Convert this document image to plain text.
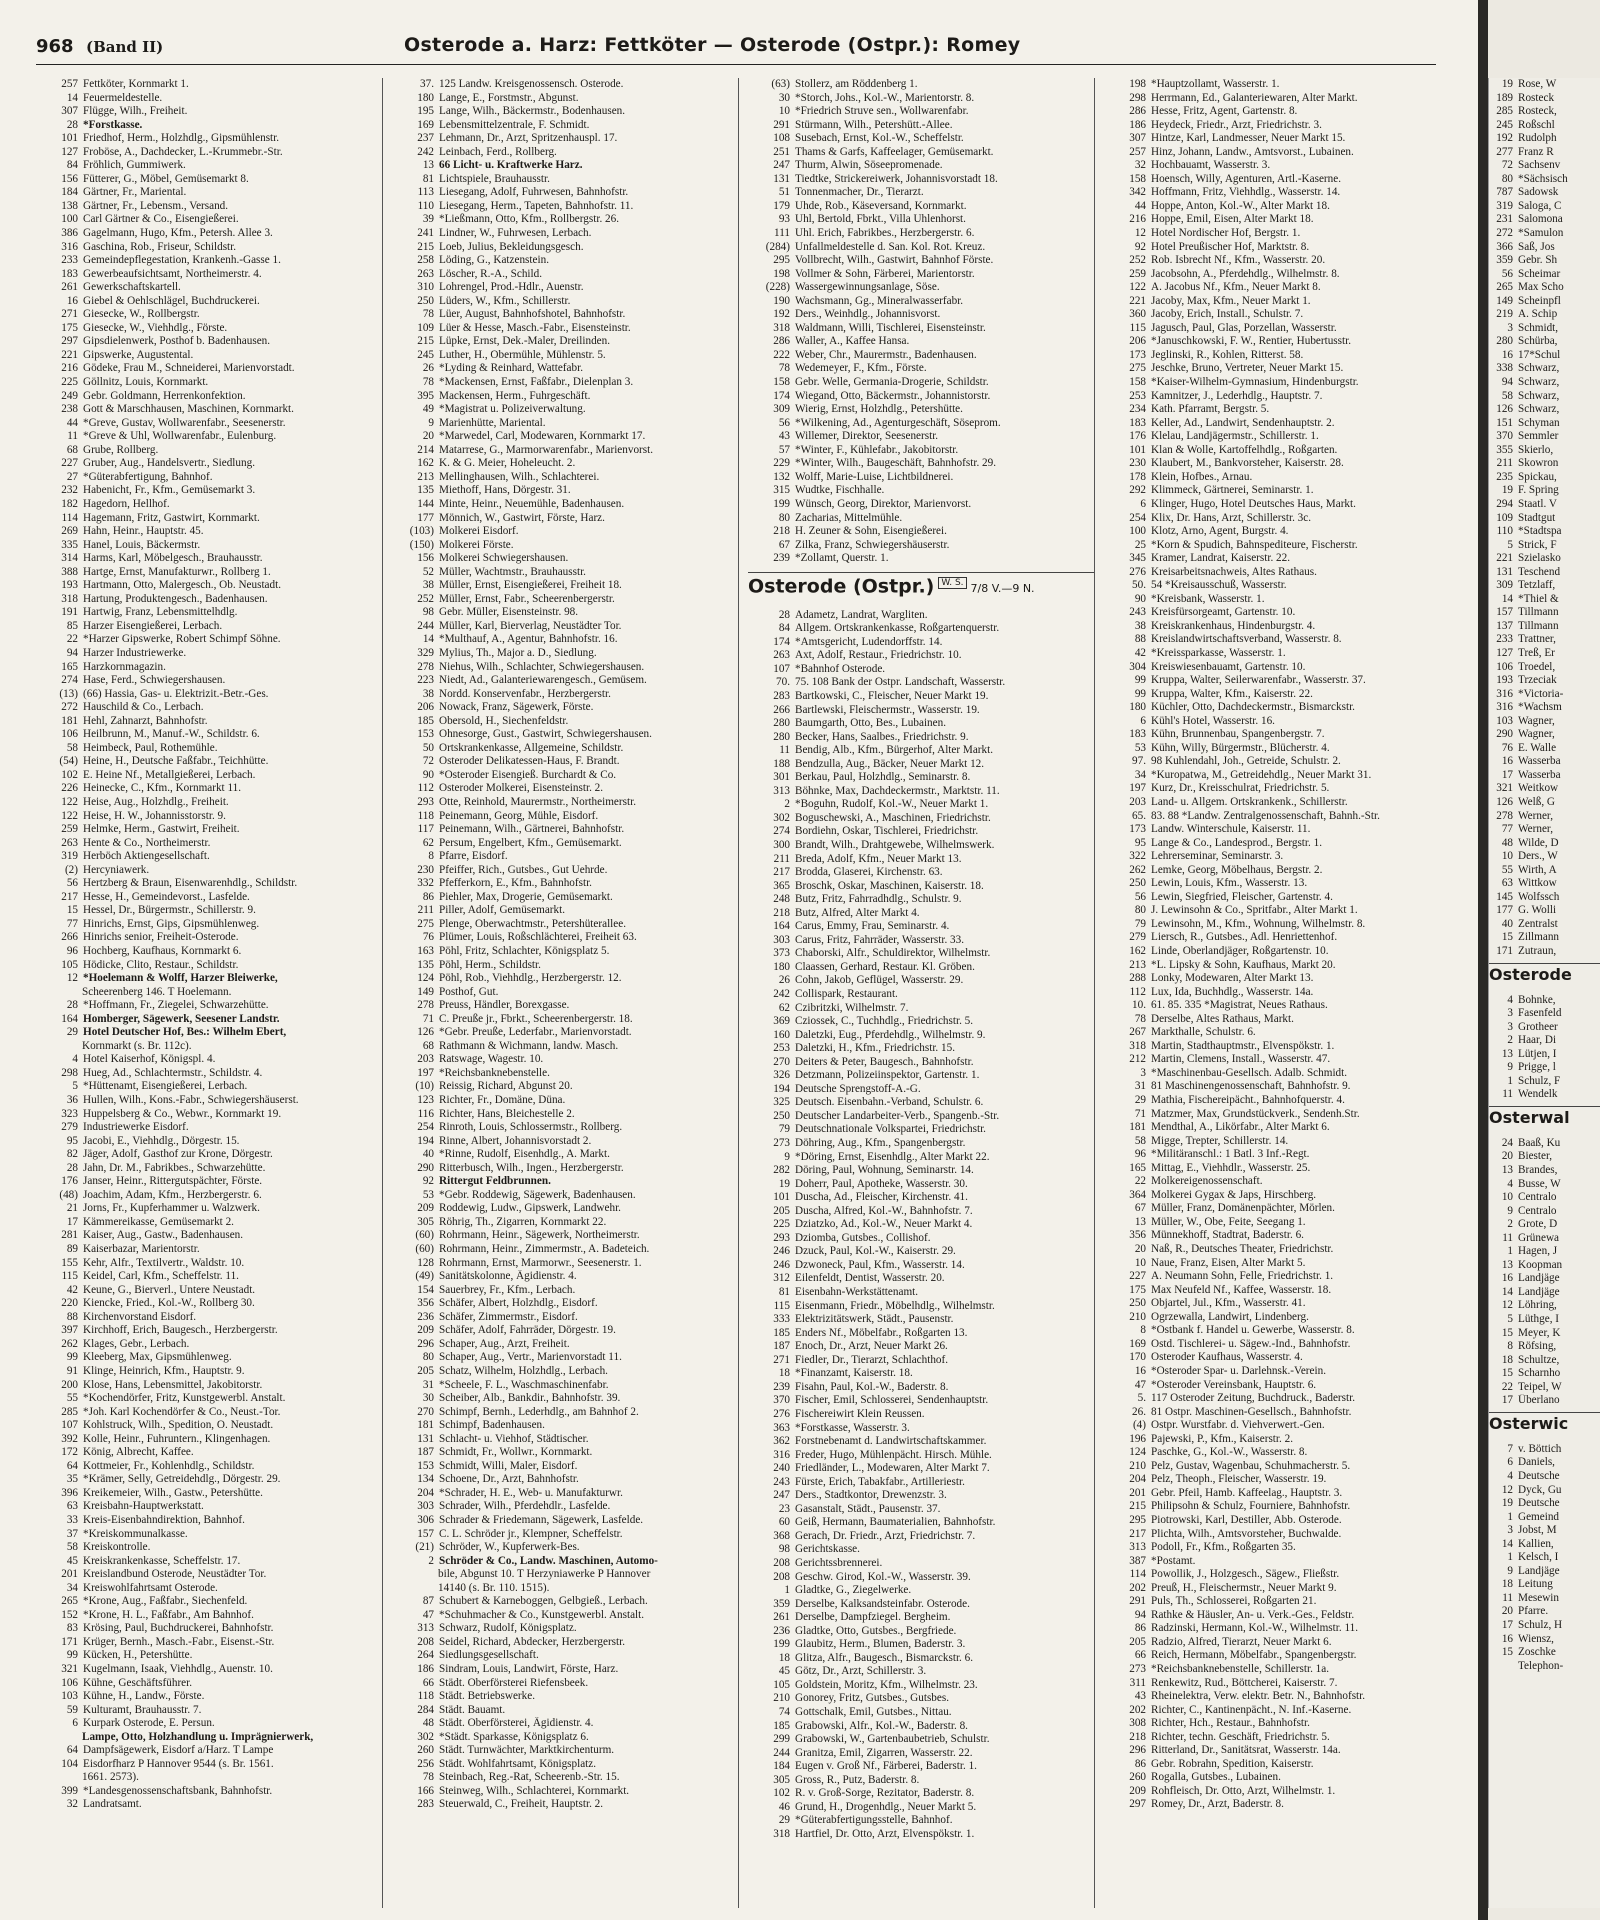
968 (Band II)	Osterode a. Harz: Fettköter — Osterode (Ostpr.): Romey
257 Fettköter, Kornmarkt 1.
14 Feuermeldestelle.
307 Flügge, Wilh., Freiheit.
28 *Forstkasse.
101 Friedhof, Herm., Holzhdlg., Gipsmühlenstr.
127 Froböse, A., Dachdecker, L.-Krummebr.-Str.
84 Fröhlich, Gummiwerk.
156 Fütterer, G., Möbel, Gemüsemarkt 8.
184 Gärtner, Fr., Mariental.
138 Gärtner, Fr., Lebensm., Versand.
100 Carl Gärtner & Co., Eisengießerei.
386 Gagelmann, Hugo, Kfm., Petersh. Allee 3.
316 Gaschina, Rob., Friseur, Schildstr.
233 Gemeindepflegestation, Krankenh.-Gasse 1.
183 Gewerbeaufsichtsamt, Northeimerstr. 4.
261 Gewerkschaftskartell.
16 Giebel & Oehlschlägel, Buchdruckerei.
271 Giesecke, W., Rollbergstr.
175 Giesecke, W., Viehhdlg., Förste.
297 Gipsdielenwerk, Posthof b. Badenhausen.
221 Gipswerke, Augustental.
216 Gödeke, Frau M., Schneiderei, Marienvorstadt.
225 Göllnitz, Louis, Kornmarkt.
249 Gebr. Goldmann, Herrenkonfektion.
238 Gott & Marschhausen, Maschinen, Kornmarkt.
44 *Greve, Gustav, Wollwarenfabr., Seesenerstr.
11 *Greve & Uhl, Wollwarenfabr., Eulenburg.
68 Grube, Rollberg.
227 Gruber, Aug., Handelsvertr., Siedlung.
27 *Güterabfertigung, Bahnhof.
232 Habenicht, Fr., Kfm., Gemüsemarkt 3.
182 Hagedorn, Hellhof.
114 Hagemann, Fritz, Gastwirt, Kornmarkt.
269 Hahn, Heinr., Hauptstr. 45.
335 Hanel, Louis, Bäckermstr.
314 Harms, Karl, Möbelgesch., Brauhausstr.
388 Hartge, Ernst, Manufakturwr., Rollberg 1.
193 Hartmann, Otto, Malergesch., Ob. Neustadt.
318 Hartung, Produktengesch., Badenhausen.
191 Hartwig, Franz, Lebensmittelhdlg.
85 Harzer Eisengießerei, Lerbach.
22 *Harzer Gipswerke, Robert Schimpf Söhne.
94 Harzer Industriewerke.
165 Harzkornmagazin.
274 Hase, Ferd., Schwiegershausen.
(13) (66) Hassia, Gas- u. Elektrizit.-Betr.-Ges.
272 Hauschild & Co., Lerbach.
181 Hehl, Zahnarzt, Bahnhofstr.
106 Heilbrunn, M., Manuf.-W., Schildstr. 6.
58 Heimbeck, Paul, Rothemühle.
(54) Heine, H., Deutsche Faßfabr., Teichhütte.
102 E. Heine Nf., Metallgießerei, Lerbach.
226 Heinecke, C., Kfm., Kornmarkt 11.
122 Heise, Aug., Holzhdlg., Freiheit.
122 Heise, H. W., Johannisstorstr. 9.
259 Helmke, Herm., Gastwirt, Freiheit.
263 Hente & Co., Northeimerstr.
319 Herböch Aktiengesellschaft.
(2) Hercyniawerk.
56 Hertzberg & Braun, Eisenwarenhdlg., Schildstr.
217 Hesse, H., Gemeindevorst., Lasfelde.
15 Hessel, Dr., Bürgermstr., Schillerstr. 9.
77 Hinrichs, Ernst, Gips, Gipsmühlenweg.
266 Hinrichs senior, Freiheit-Osterode.
96 Hochberg, Kaufhaus, Kornmarkt 6.
105 Hödicke, Clito, Restaur., Schildstr.
12 *Hoelemann & Wolff, Harzer Bleiwerke,
Scheerenberg 146. T Hoelemann.
28 *Hoffmann, Fr., Ziegelei, Schwarzehütte.
164 Homberger, Sägewerk, Seesener Landstr.
29 Hotel Deutscher Hof, Bes.: Wilhelm Ebert,
Kornmarkt (s. Br. 112c).
4 Hotel Kaiserhof, Königspl. 4.
298 Hueg, Ad., Schlachtermstr., Schildstr. 4.
5 *Hüttenamt, Eisengießerei, Lerbach.
36 Hullen, Wilh., Kons.-Fabr., Schwiegershäuserst.
323 Huppelsberg & Co., Webwr., Kornmarkt 19.
279 Industriewerke Eisdorf.
95 Jacobi, E., Viehhdlg., Dörgestr. 15.
82 Jäger, Adolf, Gasthof zur Krone, Dörgestr.
28 Jahn, Dr. M., Fabrikbes., Schwarzehütte.
176 Janser, Heinr., Rittergutspächter, Förste.
(48) Joachim, Adam, Kfm., Herzbergerstr. 6.
21 Jorns, Fr., Kupferhammer u. Walzwerk.
17 Kämmereikasse, Gemüsemarkt 2.
281 Kaiser, Aug., Gastw., Badenhausen.
89 Kaiserbazar, Marientorstr.
155 Kehr, Alfr., Textilvertr., Waldstr. 10.
115 Keidel, Carl, Kfm., Scheffelstr. 11.
42 Keune, G., Bierverl., Untere Neustadt.
220 Kiencke, Fried., Kol.-W., Rollberg 30.
88 Kirchenvorstand Eisdorf.
397 Kirchhoff, Erich, Baugesch., Herzbergerstr.
262 Klages, Gebr., Lerbach.
99 Kleeberg, Max, Gipsmühlenweg.
91 Klinge, Heinrich, Kfm., Hauptstr. 9.
200 Klose, Hans, Lebensmittel, Jakobitorstr.
55 *Kochendörfer, Fritz, Kunstgewerbl. Anstalt.
285 *Joh. Karl Kochendörfer & Co., Neust.-Tor.
107 Kohlstruck, Wilh., Spedition, O. Neustadt.
392 Kolle, Heinr., Fuhruntern., Klingenhagen.
172 König, Albrecht, Kaffee.
64 Kottmeier, Fr., Kohlenhdlg., Schildstr.
35 *Krämer, Selly, Getreidehdlg., Dörgestr. 29.
396 Kreikemeier, Wilh., Gastw., Petershütte.
63 Kreisbahn-Hauptwerkstatt.
33 Kreis-Eisenbahndirektion, Bahnhof.
37 *Kreiskommunalkasse.
58 Kreiskontrolle.
45 Kreiskrankenkasse, Scheffelstr. 17.
201 Kreislandbund Osterode, Neustädter Tor.
34 Kreiswohlfahrtsamt Osterode.
265 *Krone, Aug., Faßfabr., Siechenfeld.
152 *Krone, H. L., Faßfabr., Am Bahnhof.
83 Krösing, Paul, Buchdruckerei, Bahnhofstr.
171 Krüger, Bernh., Masch.-Fabr., Eisenst.-Str.
99 Kücken, H., Petershütte.
321 Kugelmann, Isaak, Viehhdlg., Auenstr. 10.
106 Kühne, Geschäftsführer.
103 Kühne, H., Landw., Förste.
59 Kulturamt, Brauhausstr. 7.
6 Kurpark Osterode, E. Persun.
Lampe, Otto, Holzhandlung u. Imprägnierwerk,
64 Dampfsägewerk, Eisdorf a/Harz. T Lampe
104 Eisdorfharz P Hannover 9544 (s. Br. 1561.
1661. 2573).
399 *Landesgenossenschaftsbank, Bahnhofstr.
32 Landratsamt.
37. 125 Landw. Kreisgenossensch. Osterode.
180 Lange, E., Forstmstr., Abgunst.
195 Lange, Wilh., Bäckermstr., Bodenhausen.
169 Lebensmittelzentrale, F. Schmidt.
237 Lehmann, Dr., Arzt, Spritzenhauspl. 17.
242 Leinbach, Ferd., Rollberg.
13 66 Licht- u. Kraftwerke Harz.
81 Lichtspiele, Brauhausstr.
113 Liesegang, Adolf, Fuhrwesen, Bahnhofstr.
110 Liesegang, Herm., Tapeten, Bahnhofstr. 11.
39 *Ließmann, Otto, Kfm., Rollbergstr. 26.
241 Lindner, W., Fuhrwesen, Lerbach.
215 Loeb, Julius, Bekleidungsgesch.
258 Löding, G., Katzenstein.
263 Löscher, R.-A., Schild.
310 Lohrengel, Prod.-Hdlr., Auenstr.
250 Lüders, W., Kfm., Schillerstr.
78 Lüer, August, Bahnhofshotel, Bahnhofstr.
109 Lüer & Hesse, Masch.-Fabr., Eisensteinstr.
215 Lüpke, Ernst, Dek.-Maler, Dreilinden.
245 Luther, H., Obermühle, Mühlenstr. 5.
26 *Lyding & Reinhard, Wattefabr.
78 *Mackensen, Ernst, Faßfabr., Dielenplan 3.
395 Mackensen, Herm., Fuhrgeschäft.
49 *Magistrat u. Polizeiverwaltung.
9 Marienhütte, Mariental.
20 *Marwedel, Carl, Modewaren, Kornmarkt 17.
214 Matarrese, G., Marmorwarenfabr., Marienvorst.
162 K. & G. Meier, Hoheleucht. 2.
213 Mellinghausen, Wilh., Schlachterei.
135 Miethoff, Hans, Dörgestr. 31.
144 Minte, Heinr., Neuemühle, Badenhausen.
177 Mönnich, W., Gastwirt, Förste, Harz.
(103) Molkerei Eisdorf.
(150) Molkerei Förste.
156 Molkerei Schwiegershausen.
52 Müller, Wachtmstr., Brauhausstr.
38 Müller, Ernst, Eisengießerei, Freiheit 18.
252 Müller, Ernst, Fabr., Scheerenbergerstr.
98 Gebr. Müller, Eisensteinstr. 98.
244 Müller, Karl, Bierverlag, Neustädter Tor.
14 *Multhauf, A., Agentur, Bahnhofstr. 16.
329 Mylius, Th., Major a. D., Siedlung.
278 Niehus, Wilh., Schlachter, Schwiegershausen.
223 Niedt, Ad., Galanteriewarengesch., Gemüsem.
38 Nordd. Konservenfabr., Herzbergerstr.
206 Nowack, Franz, Sägewerk, Förste.
185 Obersold, H., Siechenfeldstr.
153 Ohnesorge, Gust., Gastwirt, Schwiegershausen.
50 Ortskrankenkasse, Allgemeine, Schildstr.
72 Osteroder Delikatessen-Haus, F. Brandt.
90 *Osteroder Eisengieß. Burchardt & Co.
112 Osteroder Molkerei, Eisensteinstr. 2.
293 Otte, Reinhold, Maurermstr., Northeimerstr.
118 Peinemann, Georg, Mühle, Eisdorf.
117 Peinemann, Wilh., Gärtnerei, Bahnhofstr.
62 Persum, Engelbert, Kfm., Gemüsemarkt.
8 Pfarre, Eisdorf.
230 Pfeiffer, Rich., Gutsbes., Gut Uehrde.
332 Pfefferkorn, E., Kfm., Bahnhofstr.
86 Piehler, Max, Drogerie, Gemüsemarkt.
211 Piller, Adolf, Gemüsemarkt.
275 Plenge, Oberwachtmstr., Petershüterallee.
76 Plümer, Louis, Roßschlächterei, Freiheit 63.
163 Pöhl, Fritz, Schlachter, Königsplatz 5.
135 Pöhl, Herm., Schildstr.
124 Pöhl, Rob., Viehhdlg., Herzbergerstr. 12.
149 Posthof, Gut.
278 Preuss, Händler, Borexgasse.
71 C. Preuße jr., Fbrkt., Scheerenbergerstr. 18.
126 *Gebr. Preuße, Lederfabr., Marienvorstadt.
68 Rathmann & Wichmann, landw. Masch.
203 Ratswage, Wagestr. 10.
197 *Reichsbanknebenstelle.
(10) Reissig, Richard, Abgunst 20.
123 Richter, Fr., Domäne, Düna.
116 Richter, Hans, Bleichestelle 2.
254 Rinroth, Louis, Schlossermstr., Rollberg.
194 Rinne, Albert, Johannisvorstadt 2.
40 *Rinne, Rudolf, Eisenhdlg., A. Markt.
290 Ritterbusch, Wilh., Ingen., Herzbergerstr.
92 Rittergut Feldbrunnen.
53 *Gebr. Roddewig, Sägewerk, Badenhausen.
209 Roddewig, Ludw., Gipswerk, Landwehr.
305 Röhrig, Th., Zigarren, Kornmarkt 22.
(60) Rohrmann, Heinr., Sägewerk, Northeimerstr.
(60) Rohrmann, Heinr., Zimmermstr., A. Badeteich.
128 Rohrmann, Ernst, Marmorwr., Seesenerstr. 1.
(49) Sanitätskolonne, Ägidienstr. 4.
154 Sauerbrey, Fr., Kfm., Lerbach.
356 Schäfer, Albert, Holzhdlg., Eisdorf.
236 Schäfer, Zimmermstr., Eisdorf.
209 Schäfer, Adolf, Fahrräder, Dörgestr. 19.
296 Schaper, Aug., Arzt, Freiheit.
80 Schaper, Aug., Vertr., Marienvorstadt 11.
205 Schatz, Wilhelm, Holzhdlg., Lerbach.
31 *Scheele, F. L., Waschmaschinenfabr.
30 Scheiber, Alb., Bankdir., Bahnhofstr. 39.
270 Schimpf, Bernh., Lederhdlg., am Bahnhof 2.
181 Schimpf, Badenhausen.
131 Schlacht- u. Viehhof, Städtischer.
187 Schmidt, Fr., Wollwr., Kornmarkt.
153 Schmidt, Willi, Maler, Eisdorf.
134 Schoene, Dr., Arzt, Bahnhofstr.
204 *Schrader, H. E., Web- u. Manufakturwr.
303 Schrader, Wilh., Pferdehdlr., Lasfelde.
306 Schrader & Friedemann, Sägewerk, Lasfelde.
157 C. L. Schröder jr., Klempner, Scheffelstr.
(21) Schröder, W., Kupferwerk-Bes.
2 Schröder & Co., Landw. Maschinen, Automo-
bile, Abgunst 10. T Herzyniawerke P Hannover
14140 (s. Br. 110. 1515).
87 Schubert & Karneboggen, Gelbgieß., Lerbach.
47 *Schuhmacher & Co., Kunstgewerbl. Anstalt.
313 Schwarz, Rudolf, Königsplatz.
208 Seidel, Richard, Abdecker, Herzbergerstr.
264 Siedlungsgesellschaft.
186 Sindram, Louis, Landwirt, Förste, Harz.
66 Städt. Oberförsterei Riefensbeek.
118 Städt. Betriebswerke.
284 Städt. Bauamt.
48 Städt. Oberförsterei, Ägidienstr. 4.
302 *Städt. Sparkasse, Königsplatz 6.
260 Städt. Turnwächter, Marktkirchenturm.
256 Städt. Wohlfahrtsamt, Königsplatz.
78 Steinbach, Reg.-Rat, Scheerenb.-Str. 15.
166 Steinweg, Wilh., Schlachterei, Kornmarkt.
283 Steuerwald, C., Freiheit, Hauptstr. 2.
(63) Stollerz, am Röddenberg 1.
30 *Storch, Johs., Kol.-W., Marientorstr. 8.
10 *Friedrich Struve sen., Wollwarenfabr.
291 Stürmann, Wilh., Petershütt.-Allee.
108 Susebach, Ernst, Kol.-W., Scheffelstr.
251 Thams & Garfs, Kaffeelager, Gemüsemarkt.
247 Thurm, Alwin, Söseepromenade.
131 Tiedtke, Strickereiwerk, Johannisvorstadt 18.
51 Tonnenmacher, Dr., Tierarzt.
179 Uhde, Rob., Käseversand, Kornmarkt.
93 Uhl, Bertold, Fbrkt., Villa Uhlenhorst.
111 Uhl. Erich, Fabrikbes., Herzbergerstr. 6.
(284) Unfallmeldestelle d. San. Kol. Rot. Kreuz.
295 Vollbrecht, Wilh., Gastwirt, Bahnhof Förste.
198 Vollmer & Sohn, Färberei, Marientorstr.
(228) Wassergewinnungsanlage, Söse.
190 Wachsmann, Gg., Mineralwasserfabr.
192 Ders., Weinhdlg., Johannisvorst.
318 Waldmann, Willi, Tischlerei, Eisensteinstr.
286 Waller, A., Kaffee Hansa.
222 Weber, Chr., Maurermstr., Badenhausen.
78 Wedemeyer, F., Kfm., Förste.
158 Gebr. Welle, Germania-Drogerie, Schildstr.
174 Wiegand, Otto, Bäckermstr., Johannistorstr.
309 Wierig, Ernst, Holzhdlg., Petershütte.
56 *Wilkening, Ad., Agenturgeschäft, Söseprom.
43 Willemer, Direktor, Seesenerstr.
57 *Winter, F., Kühlefabr., Jakobitorstr.
229 *Winter, Wilh., Baugeschäft, Bahnhofstr. 29.
132 Wolff, Marie-Luise, Lichtbildnerei.
315 Wudtke, Fischhalle.
199 Wünsch, Georg, Direktor, Marienvorst.
80 Zacharias, Mittelmühle.
218 H. Zeuner & Sohn, Eisengießerei.
67 Zilka, Franz, Schwiegershäuserstr.
239 *Zollamt, Querstr. 1.
Osterode (Ostpr.) $^{W. S.}$ 7/8 V.—9 N.
28 Adametz, Landrat, Wargliten.
84 Allgem. Ortskrankenkasse, Roßgartenquerstr.
174 *Amtsgericht, Ludendorffstr. 14.
263 Axt, Adolf, Restaur., Friedrichstr. 10.
107 *Bahnhof Osterode.
70. 75. 108 Bank der Ostpr. Landschaft, Wasserstr.
283 Bartkowski, C., Fleischer, Neuer Markt 19.
266 Bartlewski, Fleischermstr., Wasserstr. 19.
280 Baumgarth, Otto, Bes., Lubainen.
280 Becker, Hans, Saalbes., Friedrichstr. 9.
11 Bendig, Alb., Kfm., Bürgerhof, Alter Markt.
188 Bendzulla, Aug., Bäcker, Neuer Markt 12.
301 Berkau, Paul, Holzhdlg., Seminarstr. 8.
313 Böhnke, Max, Dachdeckermstr., Marktstr. 11.
2 *Boguhn, Rudolf, Kol.-W., Neuer Markt 1.
302 Boguschewski, A., Maschinen, Friedrichstr.
274 Bordiehn, Oskar, Tischlerei, Friedrichstr.
300 Brandt, Wilh., Drahtgewebe, Wilhelmswerk.
211 Breda, Adolf, Kfm., Neuer Markt 13.
217 Brodda, Glaserei, Kirchenstr. 63.
365 Broschk, Oskar, Maschinen, Kaiserstr. 18.
248 Butz, Fritz, Fahrradhdlg., Schulstr. 9.
218 Butz, Alfred, Alter Markt 4.
164 Carus, Emmy, Frau, Seminarstr. 4.
303 Carus, Fritz, Fahrräder, Wasserstr. 33.
373 Chaborski, Alfr., Schuldirektor, Wilhelmstr.
180 Claassen, Gerhard, Restaur. Kl. Gröben.
26 Cohn, Jakob, Geflügel, Wasserstr. 29.
242 Collispark, Restaurant.
62 Czibritzki, Wilhelmstr. 7.
369 Cziossek, C., Tuchhdlg., Friedrichstr. 5.
160 Daletzki, Eug., Pferdehdlg., Wilhelmstr. 9.
253 Daletzki, H., Kfm., Friedrichstr. 15.
270 Deiters & Peter, Baugesch., Bahnhofstr.
326 Detzmann, Polizeiinspektor, Gartenstr. 1.
194 Deutsche Sprengstoff-A.-G.
325 Deutsch. Eisenbahn.-Verband, Schulstr. 6.
250 Deutscher Landarbeiter-Verb., Spangenb.-Str.
79 Deutschnationale Volkspartei, Friedrichstr.
273 Döhring, Aug., Kfm., Spangenbergstr.
9 *Döring, Ernst, Eisenhdlg., Alter Markt 22.
282 Döring, Paul, Wohnung, Seminarstr. 14.
19 Doherr, Paul, Apotheke, Wasserstr. 30.
101 Duscha, Ad., Fleischer, Kirchenstr. 41.
205 Duscha, Alfred, Kol.-W., Bahnhofstr. 7.
225 Dziatzko, Ad., Kol.-W., Neuer Markt 4.
293 Dziomba, Gutsbes., Collishof.
246 Dzuck, Paul, Kol.-W., Kaiserstr. 29.
246 Dzwoneck, Paul, Kfm., Wasserstr. 14.
312 Eilenfeldt, Dentist, Wasserstr. 20.
81 Eisenbahn-Werkstättenamt.
115 Eisenmann, Friedr., Möbelhdlg., Wilhelmstr.
333 Elektrizitätswerk, Städt., Pausenstr.
185 Enders Nf., Möbelfabr., Roßgarten 13.
187 Enoch, Dr., Arzt, Neuer Markt 26.
271 Fiedler, Dr., Tierarzt, Schlachthof.
18 *Finanzamt, Kaiserstr. 18.
239 Fisahn, Paul, Kol.-W., Baderstr. 8.
370 Fischer, Emil, Schlosserei, Sendenhauptstr.
276 Fischereiwirt Klein Reussen.
363 *Forstkasse, Wasserstr. 3.
362 Forstnebenamt d. Landwirtschaftskammer.
316 Freder, Hugo, Mühlenpächt. Hirsch. Mühle.
240 Friedländer, L., Modewaren, Alter Markt 7.
243 Fürste, Erich, Tabakfabr., Artilleriestr.
247 Ders., Stadtkontor, Drewenzstr. 3.
23 Gasanstalt, Städt., Pausenstr. 37.
60 Geiß, Hermann, Baumaterialien, Bahnhofstr.
368 Gerach, Dr. Friedr., Arzt, Friedrichstr. 7.
98 Gerichtskasse.
208 Gerichtssbrennerei.
208 Geschw. Girod, Kol.-W., Wasserstr. 39.
1 Gladtke, G., Ziegelwerke.
359 Derselbe, Kalksandsteinfabr. Osterode.
261 Derselbe, Dampfziegel. Bergheim.
236 Gladtke, Otto, Gutsbes., Bergfriede.
199 Glaubitz, Herm., Blumen, Baderstr. 3.
18 Glitza, Alfr., Baugesch., Bismarckstr. 6.
45 Götz, Dr., Arzt, Schillerstr. 3.
105 Goldstein, Moritz, Kfm., Wilhelmstr. 23.
210 Gonorey, Fritz, Gutsbes., Gutsbes.
74 Gottschalk, Emil, Gutsbes., Nittau.
185 Grabowski, Alfr., Kol.-W., Baderstr. 8.
299 Grabowski, W., Gartenbaubetrieb, Schulstr.
244 Granitza, Emil, Zigarren, Wasserstr. 22.
184 Eugen v. Groß Nf., Färberei, Baderstr. 1.
305 Gross, R., Putz, Baderstr. 8.
102 R. v. Groß-Sorge, Rezitator, Baderstr. 8.
46 Grund, H., Drogenhdlg., Neuer Markt 5.
29 *Güterabfertigungsstelle, Bahnhof.
318 Hartfiel, Dr. Otto, Arzt, Elvenspökstr. 1.
198 *Hauptzollamt, Wasserstr. 1.
298 Herrmann, Ed., Galanteriewaren, Alter Markt.
286 Hesse, Fritz, Agent, Gartenstr. 8.
186 Heydeck, Friedr., Arzt, Friedrichstr. 3.
307 Hintze, Karl, Landmesser, Neuer Markt 15.
257 Hinz, Johann, Landw., Amtsvorst., Lubainen.
32 Hochbauamt, Wasserstr. 3.
158 Hoensch, Willy, Agenturen, Artl.-Kaserne.
342 Hoffmann, Fritz, Viehhdlg., Wasserstr. 14.
44 Hoppe, Anton, Kol.-W., Alter Markt 18.
216 Hoppe, Emil, Eisen, Alter Markt 18.
12 Hotel Nordischer Hof, Bergstr. 1.
92 Hotel Preußischer Hof, Marktstr. 8.
252 Rob. Isbrecht Nf., Kfm., Wasserstr. 20.
259 Jacobsohn, A., Pferdehdlg., Wilhelmstr. 8.
122 A. Jacobus Nf., Kfm., Neuer Markt 8.
221 Jacoby, Max, Kfm., Neuer Markt 1.
360 Jacoby, Erich, Install., Schulstr. 7.
115 Jagusch, Paul, Glas, Porzellan, Wasserstr.
206 *Januschkowski, F. W., Rentier, Hubertusstr.
173 Jeglinski, R., Kohlen, Ritterst. 58.
275 Jeschke, Bruno, Vertreter, Neuer Markt 15.
158 *Kaiser-Wilhelm-Gymnasium, Hindenburgstr.
253 Kamnitzer, J., Lederhdlg., Hauptstr. 7.
234 Kath. Pfarramt, Bergstr. 5.
183 Keller, Ad., Landwirt, Sendenhauptstr. 2.
176 Klelau, Landjägermstr., Schillerstr. 1.
101 Klan & Wolle, Kartoffelhdlg., Roßgarten.
230 Klaubert, M., Bankvorsteher, Kaiserstr. 28.
178 Klein, Hofbes., Arnau.
292 Klimmeck, Gärtnerei, Seminarstr. 1.
6 Klinger, Hugo, Hotel Deutsches Haus, Markt.
254 Klix, Dr. Hans, Arzt, Schillerstr. 3c.
100 Klotz, Arno, Agent, Burgstr. 4.
25 *Korn & Spudich, Bahnspediteure, Fischerstr.
345 Kramer, Landrat, Kaiserstr. 22.
276 Kreisarbeitsnachweis, Altes Rathaus.
50. 54 *Kreisausschuß, Wasserstr.
90 *Kreisbank, Wasserstr. 1.
243 Kreisfürsorgeamt, Gartenstr. 10.
38 Kreiskrankenhaus, Hindenburgstr. 4.
88 Kreislandwirtschaftsverband, Wasserstr. 8.
42 *Kreissparkasse, Wasserstr. 1.
304 Kreiswiesenbauamt, Gartenstr. 10.
99 Kruppa, Walter, Seilerwarenfabr., Wasserstr. 37.
99 Kruppa, Walter, Kfm., Kaiserstr. 22.
180 Küchler, Otto, Dachdeckermstr., Bismarckstr.
6 Kühl's Hotel, Wasserstr. 16.
183 Kühn, Brunnenbau, Spangenbergstr. 7.
53 Kühn, Willy, Bürgermstr., Blücherstr. 4.
97. 98 Kuhlendahl, Joh., Getreide, Schulstr. 2.
34 *Kuropatwa, M., Getreidehdlg., Neuer Markt 31.
197 Kurz, Dr., Kreisschulrat, Friedrichstr. 5.
203 Land- u. Allgem. Ortskrankenk., Schillerstr.
65. 83. 88 *Landw. Zentralgenossenschaft, Bahnh.-Str.
173 Landw. Winterschule, Kaiserstr. 11.
95 Lange & Co., Landesprod., Bergstr. 1.
322 Lehrerseminar, Seminarstr. 3.
262 Lemke, Georg, Möbelhaus, Bergstr. 2.
250 Lewin, Louis, Kfm., Wasserstr. 13.
56 Lewin, Siegfried, Fleischer, Gartenstr. 4.
80 J. Lewinsohn & Co., Spritfabr., Alter Markt 1.
79 Lewinsohn, M., Kfm., Wohnung, Wilhelmstr. 8.
279 Liersch, R., Gutsbes., Adl. Henriettenhof.
162 Linde, Oberlandjäger, Roßgartenstr. 10.
213 *L. Lipsky & Sohn, Kaufhaus, Markt 20.
288 Lonky, Modewaren, Alter Markt 13.
112 Lux, Ida, Buchhdlg., Wasserstr. 14a.
10. 61. 85. 335 *Magistrat, Neues Rathaus.
78 Derselbe, Altes Rathaus, Markt.
267 Markthalle, Schulstr. 6.
318 Martin, Stadthauptmstr., Elvenspökstr. 1.
212 Martin, Clemens, Install., Wasserstr. 47.
3 *Maschinenbau-Gesellsch. Adalb. Schmidt.
31 81 Maschinengenossenschaft, Bahnhofstr. 9.
29 Mathia, Fischereipächt., Bahnhofquerstr. 4.
71 Matzmer, Max, Grundstückverk., Sendenh.Str.
181 Mendthal, A., Likörfabr., Alter Markt 6.
58 Migge, Trepter, Schillerstr. 14.
96 *Militäranschl.: 1 Batl. 3 Inf.-Regt.
165 Mittag, E., Viehhdlr., Wasserstr. 25.
22 Molkereigenossenschaft.
364 Molkerei Gygax & Japs, Hirschberg.
67 Müller, Franz, Domänenpächter, Mörlen.
13 Müller, W., Obe, Feite, Seegang 1.
356 Münnekhoff, Stadtrat, Baderstr. 6.
20 Naß, R., Deutsches Theater, Friedrichstr.
10 Naue, Franz, Eisen, Alter Markt 5.
227 A. Neumann Sohn, Felle, Friedrichstr. 1.
175 Max Neufeld Nf., Kaffee, Wasserstr. 18.
250 Objartel, Jul., Kfm., Wasserstr. 41.
210 Ogrzewalla, Landwirt, Lindenberg.
8 *Ostbank f. Handel u. Gewerbe, Wasserstr. 8.
169 Ostd. Tischlerei- u. Sägew.-Ind., Bahnhofstr.
170 Osteroder Kaufhaus, Wasserstr. 4.
16 *Osteroder Spar- u. Darlehnsk.-Verein.
47 *Osteroder Vereinsbank, Hauptstr. 6.
5. 117 Osteroder Zeitung, Buchdruck., Baderstr.
26. 81 Ostpr. Maschinen-Gesellsch., Bahnhofstr.
(4) Ostpr. Wurstfabr. d. Viehverwert.-Gen.
196 Pajewski, P., Kfm., Kaiserstr. 2.
124 Paschke, G., Kol.-W., Wasserstr. 8.
210 Pelz, Gustav, Wagenbau, Schuhmacherstr. 5.
204 Pelz, Theoph., Fleischer, Wasserstr. 19.
201 Gebr. Pfeil, Hamb. Kaffeelag., Hauptstr. 3.
215 Philipsohn & Schulz, Fourniere, Bahnhofstr.
295 Piotrowski, Karl, Destiller, Abb. Osterode.
217 Plichta, Wilh., Amtsvorsteher, Buchwalde.
313 Podoll, Fr., Kfm., Roßgarten 35.
387 *Postamt.
114 Powollik, J., Holzgesch., Sägew., Fließstr.
202 Preuß, H., Fleischermstr., Neuer Markt 9.
291 Puls, Th., Schlosserei, Roßgarten 21.
94 Rathke & Häusler, An- u. Verk.-Ges., Feldstr.
86 Radzinski, Hermann, Kol.-W., Wilhelmstr. 11.
205 Radzio, Alfred, Tierarzt, Neuer Markt 6.
66 Reich, Hermann, Möbelfabr., Spangenbergstr.
273 *Reichsbanknebenstelle, Schillerstr. 1a.
311 Renkewitz, Rud., Böttcherei, Kaiserstr. 7.
43 Rheinelektra, Verw. elektr. Betr. N., Bahnhofstr.
202 Richter, C., Kantinenpächt., N. Inf.-Kaserne.
308 Richter, Hch., Restaur., Bahnhofstr.
218 Richter, techn. Geschäft, Friedrichstr. 5.
296 Ritterland, Dr., Sanitätsrat, Wasserstr. 14a.
86 Gebr. Robrahn, Spedition, Kaiserstr.
260 Rogalla, Gutsbes., Lubainen.
209 Rohfleisch, Dr. Otto, Arzt, Wilhelmstr. 1.
297 Romey, Dr., Arzt, Baderstr. 8.
19 Rose, W
189 Rosteck
285 Rosteck,
245 Roßschl
192 Rudolph
277 Franz R
72 Sachsenv
80 *Sächsisch
787 Sadowsk
319 Saloga, C
231 Salomona
272 *Samulon
366 Saß, Jos
359 Gebr. Sh
56 Scheimar
265 Max Scho
149 Scheinpfl
219 A. Schip
3 Schmidt,
280 Schürba,
16 17*Schul
338 Schwarz,
94 Schwarz,
58 Schwarz,
126 Schwarz,
151 Schyman
370 Semmler
355 Skierlo,
211 Skowron
235 Spickau,
19 F. Spring
294 Staatl. V
109 Stadtgut
110 *Stadtspa
5 Strick, F
221 Szielasko
131 Teschend
309 Tetzlaff,
14 *Thiel &
157 Tillmann
137 Tillmann
233 Trattner,
127 Treß, Er
106 Troedel,
193 Trzeciak
316 *Victoria-
316 *Wachsm
103 Wagner,
290 Wagner,
76 E. Walle
16 Wasserba
17 Wasserba
321 Weitkow
126 Welß, G
278 Werner,
77 Werner,
48 Wilde, D
10 Ders., W
55 Wirth, A
63 Wittkow
145 Wolfssch
177 G. Wolli
40 Zentralst
15 Zillmann
171 Zutraun,
Osterode
4 Bohnke,
3 Fasenfeld
3 Grotheer
2 Haar, Di
13 Lütjen, I
9 Prigge, l
1 Schulz, F
11 Wendelk
Osterwal
24 Baaß, Ku
20 Biester,
13 Brandes,
4 Busse, W
10 Centralo
9 Centralo
2 Grote, D
11 Grünewa
1 Hagen, J
13 Koopman
16 Landjäge
14 Landjäge
12 Löhring,
5 Lüthge, I
15 Meyer, K
8 Röfsing,
18 Schultze,
15 Scharnho
22 Teipel, W
17 Überlano
Osterwic
7 v. Böttich
6 Daniels,
4 Deutsche
12 Dyck, Gu
19 Deutsche
1 Gemeind
3 Jobst, M
14 Kallien,
1 Kelsch, I
9 Landjäge
18 Leitung
11 Mesewin
20 Pfarre.
17 Schulz, H
16 Wiensz,
15 Zoschke
Telephon-
